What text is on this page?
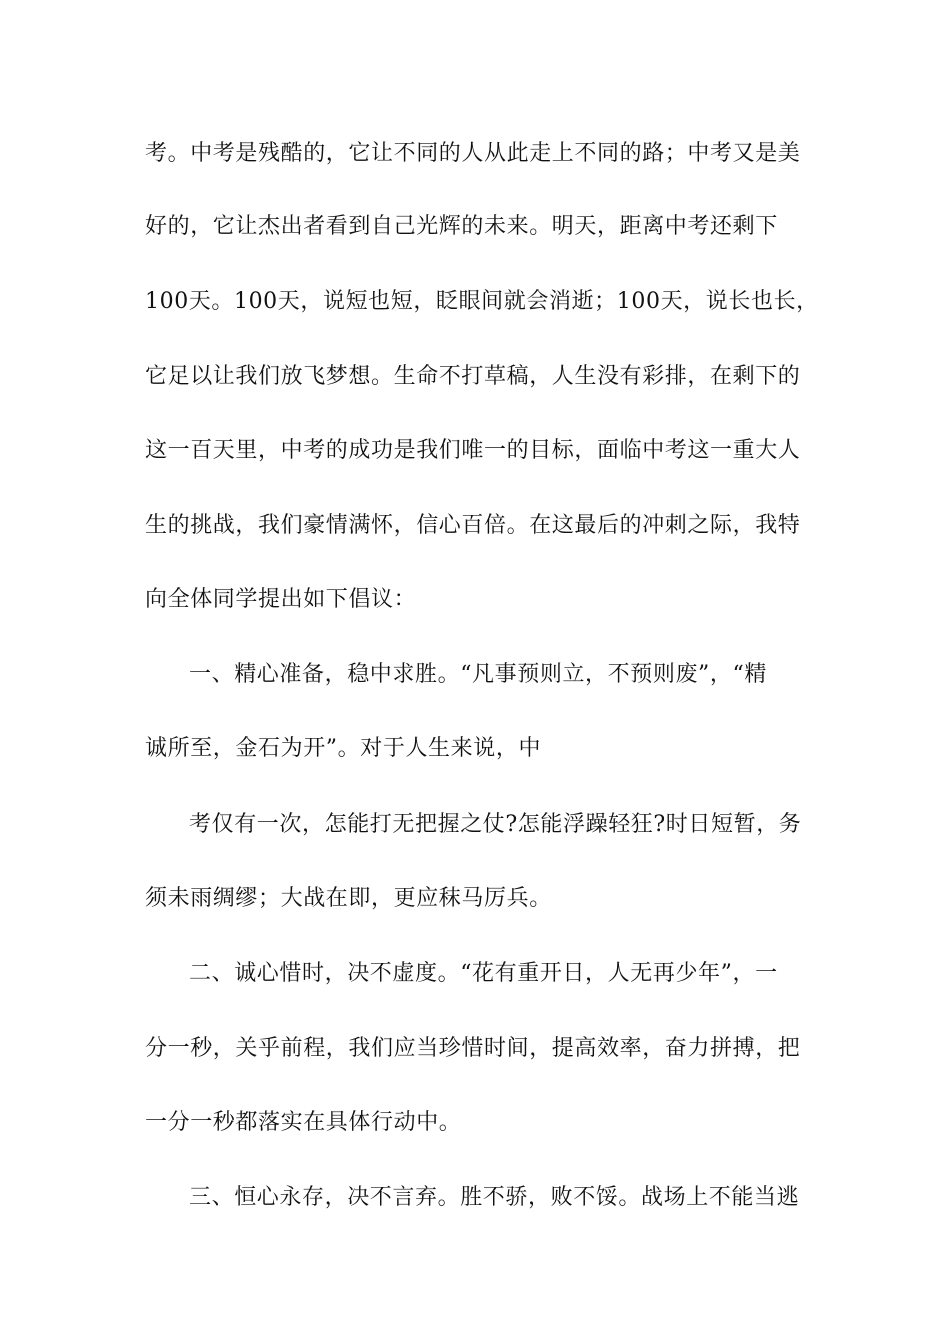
考。中考是残酷的，它让不同的人从此走上不同的路；中考又是美
好的，它让杰出者看到自己光辉的未来。明天，距离中考还剩下
100天。100天，说短也短，眨眼间就会消逝；100天，说长也长，
它足以让我们放飞梦想。生命不打草稿，人生没有彩排，在剩下的
这一百天里，中考的成功是我们唯一的目标，面临中考这一重大人
生的挑战，我们豪情满怀，信心百倍。在这最后的冲刺之际，我特
向全体同学提出如下倡议：
一、精心准备，稳中求胜。“凡事预则立，不预则废”，“精
诚所至，金石为开”。对于人生来说，中
考仅有一次，怎能打无把握之仗?怎能浮躁轻狂?时日短暂，务
须未雨绸缪；大战在即，更应秣马厉兵。
二、诚心惜时，决不虚度。“花有重开日，人无再少年”，一
分一秒，关乎前程，我们应当珍惜时间，提高效率，奋力拼搏，把
一分一秒都落实在具体行动中。
三、恒心永存，决不言弃。胜不骄，败不馁。战场上不能当逃
